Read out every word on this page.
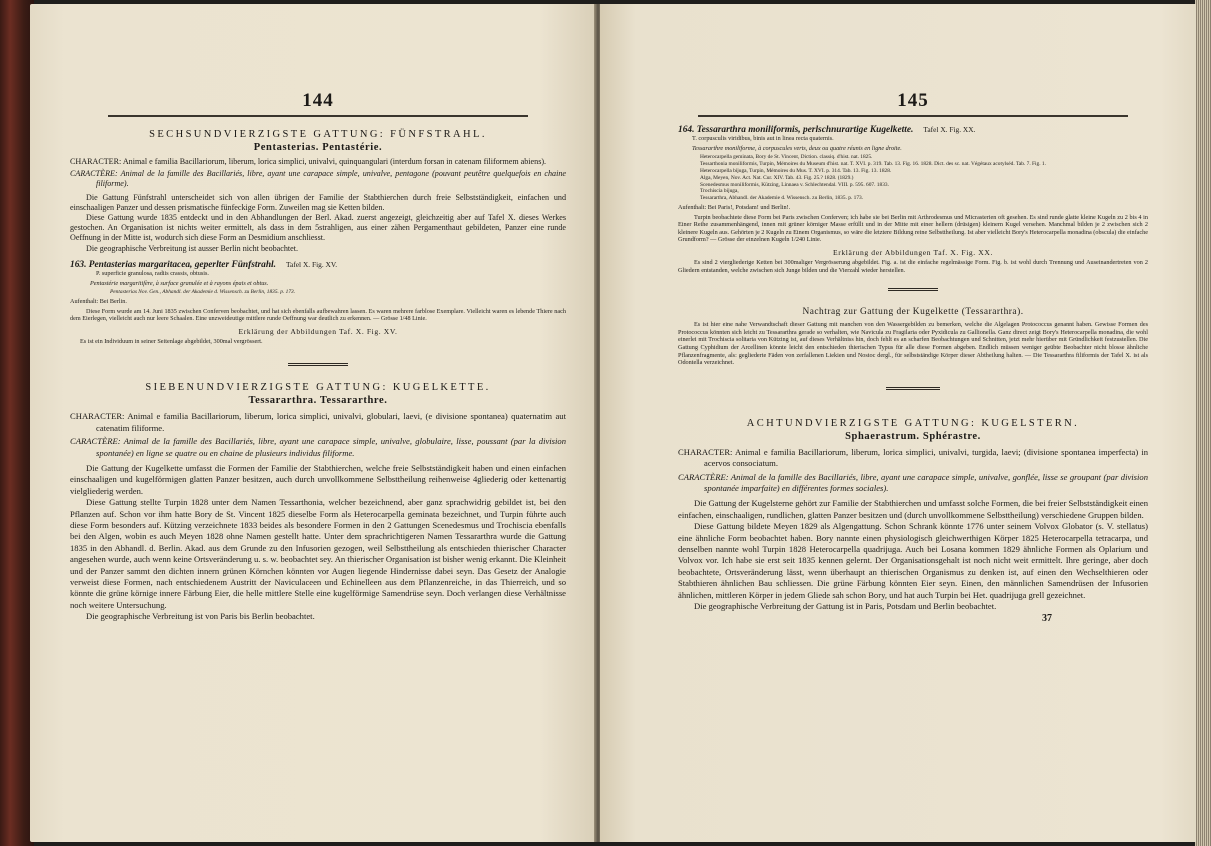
144

SECHSUNDVIERZIGSTE GATTUNG: FÜNFSTRAHL.

Pentasterias. Pentastérie.

CHARACTER: Animal e familia Bacillariorum, liberum, lorica simplici, univalvi, quinquangulari (interdum forsan in catenam filiformem abiens).

CARACTÈRE: Animal de la famille des Bacillariés, libre, ayant une carapace simple, univalve, pentagone (pouvant peutêtre quelquefois en chaine filiforme).

Die Gattung Fünfstrahl unterscheidet sich von allen übrigen der Familie der Stabthierchen durch freie Selbstständigkeit, einfachen und einschaaligen Panzer und dessen prismatische fünfeckige Form. Zuweilen mag sie Ketten bilden.

Diese Gattung wurde 1835 entdeckt und in den Abhandlungen der Berl. Akad. zuerst angezeigt, gleichzeitig aber auf Tafel X. dieses Werkes gestochen. An Organisation ist nichts weiter ermittelt, als dass in dem 5strahligen, aus einer zähen Pergamenthaut gebildeten, Panzer eine runde Oeffnung in der Mitte ist, wodurch sich diese Form an Desmidium anschliesst.

Die geographische Verbreitung ist ausser Berlin nicht beobachtet.

163. Pentasterias margaritacea, geperlter Fünfstrahl. Tafel X. Fig. XV.

P. superficie granulosa, radiis crassis, obtusis.

Pentastérie margaritifère, à surface granulée et à rayons épais et obtus.

Pentasterias Nov. Gen., Abhandl. der Akademie d. Wissensch. zu Berlin, 1835. p. 173.

Aufenthalt: Bei Berlin.

Diese Form wurde am 14. Juni 1835 zwischen Conferven beobachtet, und hat sich ebenfalls aufbewahren lassen. Es waren mehrere farblose Exemplare. Vielleicht waren es lebende Thiere nach dem Eierlegen, vielleicht auch nur leere Schaalen. Eine unzweideutige mittlere runde Oeffnung war deutlich zu erkennen. — Grösse 1/48 Linie.

Erklärung der Abbildungen Taf. X. Fig. XV.

Es ist ein Individuum in seiner Seitenlage abgebildet, 300mal vergrössert.

SIEBENUNDVIERZIGSTE GATTUNG: KUGELKETTE.

Tessararthra. Tessararthre.

CHARACTER: Animal e familia Bacillariorum, liberum, lorica simplici, univalvi, globulari, laevi, (e divisione spontanea) quaternatim aut catenatim filiforme.

CARACTÈRE: Animal de la famille des Bacillariés, libre, ayant une carapace simple, univalve, globulaire, lisse, poussant (par la division spontanée) en ligne se quatre ou en chaine de plusieurs individus filiforme.

Die Gattung der Kugelkette umfasst die Formen der Familie der Stabthierchen, welche freie Selbstständigkeit haben und einen einfachen einschaaligen und kugelförmigen glatten Panzer besitzen, auch durch unvollkommene Selbsttheilung reihenweise 4gliederig oder kettenartig vielgliederig werden.

Diese Gattung stellte Turpin 1828 unter dem Namen Tessarthonia, welcher bezeichnend, aber ganz sprachwidrig gebildet ist, bei den Pflanzen auf. Schon vor ihm hatte Bory de St. Vincent 1825 dieselbe Form als Heterocarpella geminata bezeichnet, und Turpin führte auch diese Form besonders auf. Kützing verzeichnete 1833 beides als besondere Formen in den 2 Gattungen Scenedesmus und Trochiscia ebenfalls bei den Algen, wobin es auch Meyen 1828 ohne Namen gestellt hatte. Unter dem sprachrichtigeren Namen Tessararthra wurde die Gattung 1835 in den Abhandl. d. Berlin. Akad. aus dem Grunde zu den Infusorien gezogen, weil Selbsttheilung als entschieden thierischer Character angesehen wurde, auch wenn keine Ortsveränderung u. s. w. beobachtet sey. An thierischer Organisation ist bisher wenig erkannt. Die Kleinheit und der Panzer sammt den dichten innern grünen Körnchen könnten vor Augen liegende Hindernisse dabei seyn. Das Gesetz der Analogie verweist diese Formen, nach entschiedenem Austritt der Naviculaceen und Echinelleen aus dem Pflanzenreiche, in das Thierreich, und so könnte die grüne körnige innere Färbung Eier, die helle mittlere Stelle eine kugelförmige Samendrüse seyn. Doch verlangen diese Verhältnisse noch weitere Untersuchung.

Die geographische Verbreitung ist von Paris bis Berlin beobachtet.

145

164. Tessararthra moniliformis, perlschnurartige Kugelkette. Tafel X. Fig. XX.

T. corpusculis viridibus, binis aut in linea recta quaternis.

Tessararthre moniliforme, à corpuscules verts, deux ou quatre réunis en ligne droite.

Heterocarpella geminata, Bory de St. Vincent, Diction. classiq. d'hist. nat. 1825.

Tessarthonia moniliformis, Turpin, Mémoires du Museum d'hist. nat. T. XVI. p. 319. Tab. 13. Fig. 16. 1828. Dict. des sc. nat. Végétaux acotylséd. Tab. 7. Fig. 1.

Heterocarpella bijuga, Turpin, Mémoires du Mus. T. XVI. p. 314. Tab. 13. Fig. 13. 1828.

Alga, Meyen, Nov. Act. Nat. Cur. XIV. Tab. 43. Fig. 25.? 1828. (1829.)

Scenedesmus moniliformis, Kützing, Linnaea v. Schlechtendal. VIII. p. 595. 607. 1833.

Trochiscia bijuga,

Tessararthra, Abhandl. der Akademie d. Wissensch. zu Berlin, 1835. p. 173.

Aufenthalt: Bei Paris!, Potsdam! und Berlin!.

Turpin beobachtete diese Form bei Paris zwischen Conferven; ich habe sie bei Berlin mit Arthrodesmus und Micrasterien oft gesehen. Es sind runde glatte kleine Kugeln zu 2 bis 4 in Einer Reihe zusammenhängend, innen mit grüner körniger Masse erfüllt und in der Mitte mit einer hellern (drüsigen) kleinern Kugel versehen. Manchmal bilden je 2 zwischen sich 2 kleinere Kugeln aus. Gehörten je 2 Kugeln zu Einem Organismus, so wäre die letztere Bildung reine Selbsttheilung. Ist aber vielleicht Bory's Heterocarpella monadina (obscula) die einfache Grundform? — Grösse der einzelnen Kugeln 1/240 Linie.

Erklärung der Abbildungen Taf. X. Fig. XX.

Es sind 2 viergliederige Ketten bei 300maliger Vergrösserung abgebildet. Fig. a. ist die einfache regelmässige Form. Fig. b. ist wohl durch Trennung und Auseinandertreten von 2 Gliedern entstanden, welche zwischen sich Junge bilden und die Vierzahl wieder herstellen.

Nachtrag zur Gattung der Kugelkette (Tessararthra).

Es ist hier eine nahe Verwandtschaft dieser Gattung mit manchen von den Wassergebilden zu bemerken, welche die Algelagen Protococcus genannt haben. Gewisse Formen des Protococcus könnten sich leicht zu Tessararthra gerade so verhalten, wie Navicula zu Fragilaria oder Pyxidicula zu Gallionella. Ganz direct zeigt Bory's Heterocarpella monadina, die wohl einerlei mit Trochiscia solitaria von Kützing ist, auf dieses Verhältniss hin, doch fehlt es an scharfen Beobachtungen und Schnitten, jetzt mehr hierüber mit Gründlichkeit festzustellen. Die Gattung Cyphidium der Arcellinen könnte leicht den entschieden thierischen Typus für alle diese Formen abgeben. Endlich müssen weniger geübte Beobachter nicht blosse ähnliche Pflanzenfragmente, als: gegliederte Fäden von zerfallenen Liekien und Nostoc dergl., für selbstständige Körper dieser Abtheilung halten. — Die Tessararthra filiformis der Tafel X. ist als Odontella verzeichnet.

ACHTUNDVIERZIGSTE GATTUNG: KUGELSTERN.

Sphaerastrum. Sphérastre.

CHARACTER: Animal e familia Bacillariorum, liberum, lorica simplici, univalvi, turgida, laevi; (divisione spontanea imperfecta) in acervos consociatum.

CARACTÈRE: Animal de la famille des Bacillariés, libre, ayant une carapace simple, univalve, gonflée, lisse se groupant (par division spontanée imparfaite) en différentes formes sociales).

Die Gattung der Kugelsterne gehört zur Familie der Stabthierchen und umfasst solche Formen, die bei freier Selbstständigkeit einen einfachen, einschaaligen, rundlichen, glatten Panzer besitzen und (durch unvollkommene Selbsttheilung) verschiedene Gruppen bilden.

Diese Gattung bildete Meyen 1829 als Algengattung. Schon Schrank könnte 1776 unter seinem Volvox Globator (s. V. stellatus) eine ähnliche Form beobachtet haben. Bory nannte einen physiologisch gleichwerthigen Körper 1825 Heterocarpella tetracarpa, und denselben nannte wohl Turpin 1828 Heterocarpella quadrijuga. Auch bei Losana kommen 1829 ähnliche Formen als Oplarium und Volvox vor. Ich habe sie erst seit 1835 kennen gelernt. Der Organisationsgehalt ist noch nicht weit ermittelt. Ihre geringe, aber doch beobachtete, Ortsveränderung lässt, wenn überhaupt an thierischen Organismus zu denken ist, auf einen den Wechselthieren oder Stabthieren ähnlichen Bau schliessen. Die grüne Färbung könnten Eier seyn. Einen, den männlichen Samendrüsen der Infusorien ähnlichen, mittleren Körper in jedem Gliede sah schon Bory, und hat auch Turpin bei Het. quadrijuga grell gezeichnet.

Die geographische Verbreitung der Gattung ist in Paris, Potsdam und Berlin beobachtet.

37
